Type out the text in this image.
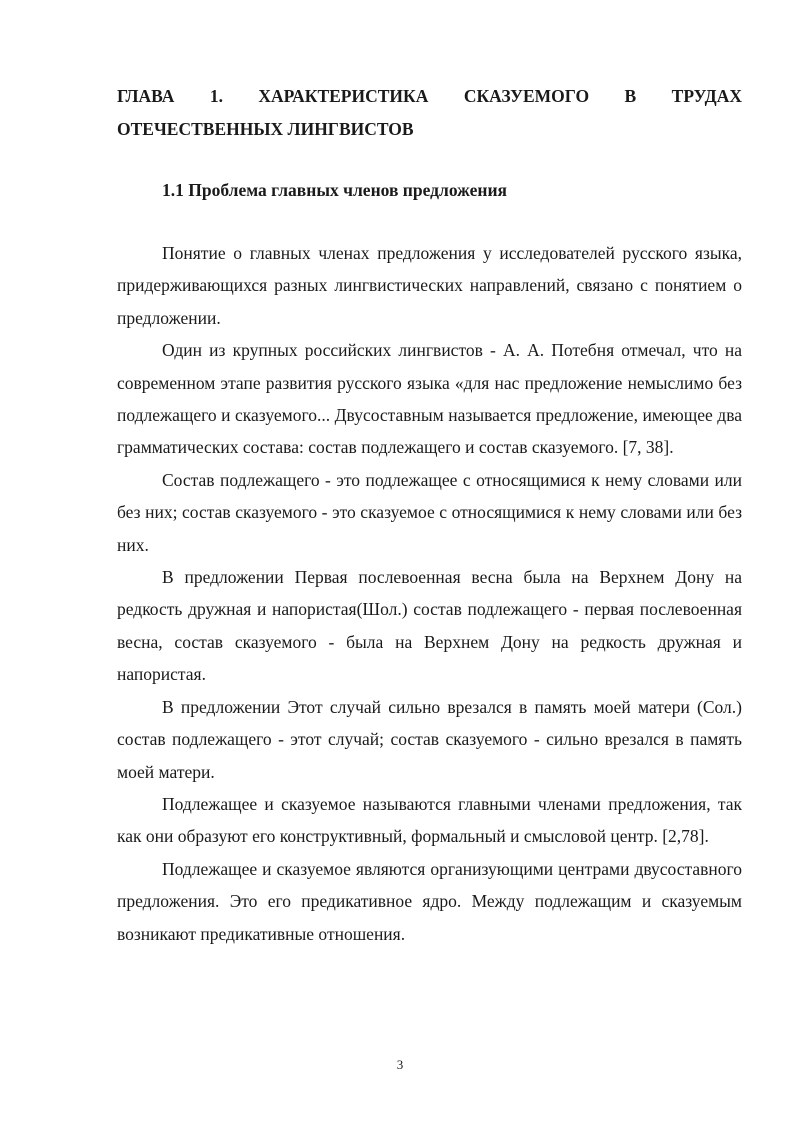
ГЛАВА 1. ХАРАКТЕРИСТИКА СКАЗУЕМОГО В ТРУДАХ ОТЕЧЕСТВЕННЫХ ЛИНГВИСТОВ
1.1 Проблема главных членов предложения

Понятие о главных членах предложения у исследователей русского языка, придерживающихся разных лингвистических направлений, связано с понятием о предложении.

Один из крупных российских лингвистов - А. А. Потебня отмечал, что на современном этапе развития русского языка «для нас предложение немыслимо без подлежащего и сказуемого... Двусоставным называется предложение, имеющее два грамматических состава: состав подлежащего и состав сказуемого. [7, 38].

Состав подлежащего - это подлежащее с относящимися к нему словами или без них; состав сказуемого - это сказуемое с относящимися к нему словами или без них.

В предложении Первая послевоенная весна была на Верхнем Дону на редкость дружная и напористая(Шол.) состав подлежащего - первая послевоенная весна, состав сказуемого - была на Верхнем Дону на редкость дружная и напористая.

В предложении Этот случай сильно врезался в память моей матери (Сол.) состав подлежащего - этот случай; состав сказуемого - сильно врезался в память моей матери.

Подлежащее и сказуемое называются главными членами предложения, так как они образуют его конструктивный, формальный и смысловой центр. [2,78].

Подлежащее и сказуемое являются организующими центрами двусоставного предложения. Это его предикативное ядро. Между подлежащим и сказуемым возникают предикативные отношения.

3
